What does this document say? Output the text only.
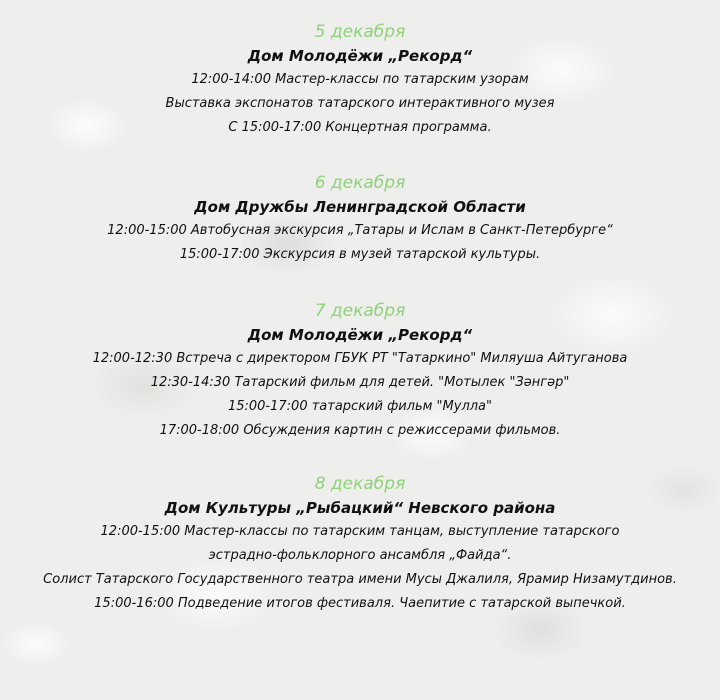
5 декабря
Дом Молодёжи „Рекорд“
12:00-14:00 Мастер-классы по татарским узорам
Выставка экспонатов татарского интерактивного музея
С 15:00-17:00 Концертная программа.
6 декабря
Дом Дружбы Ленинградской Области
12:00-15:00 Автобусная экскурсия „Татары и Ислам в Санкт-Петербурге“
15:00-17:00 Экскурсия в музей татарской культуры.
7 декабря
Дом Молодёжи „Рекорд“
12:00-12:30 Встреча с директором ГБУК РТ "Татаркино" Миляуша Айтуганова
12:30-14:30 Татарский фильм для детей. "Мотылек "Зәнгәр"
15:00-17:00 татарский фильм "Мулла"
17:00-18:00 Обсуждения картин с режиссерами фильмов.
8 декабря
Дом Культуры „Рыбацкий“ Невского района
12:00-15:00 Мастер-классы по татарским танцам, выступление татарского
эстрадно-фольклорного ансамбля „Файда“.
Солист Татарского Государственного театра имени Мусы Джалиля, Ярамир Низамутдинов.
15:00-16:00 Подведение итогов фестиваля. Чаепитие с татарской выпечкой.
